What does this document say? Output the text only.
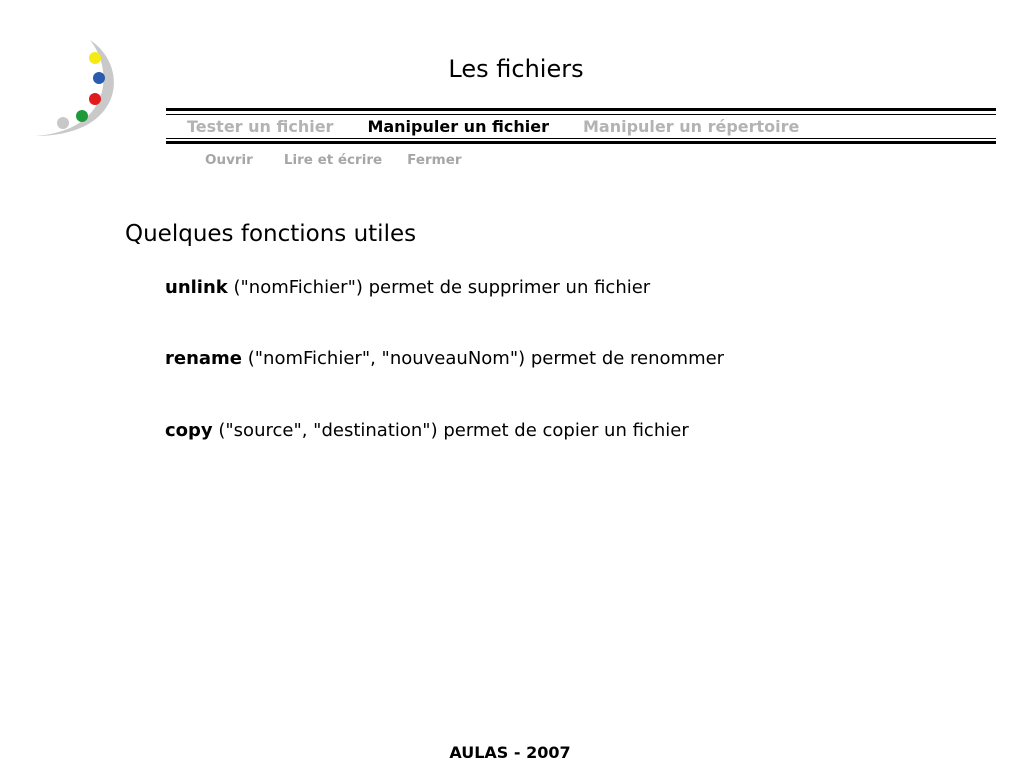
Les fichiers
Tester un fichier Manipuler un fichier Manipuler un répertoire
Ouvrir Lire et écrire Fermer
Quelques fonctions utiles
unlink ("nomFichier") permet de supprimer un fichier
rename ("nomFichier", "nouveauNom") permet de renommer
copy ("source", "destination") permet de copier un fichier
AULAS - 2007
